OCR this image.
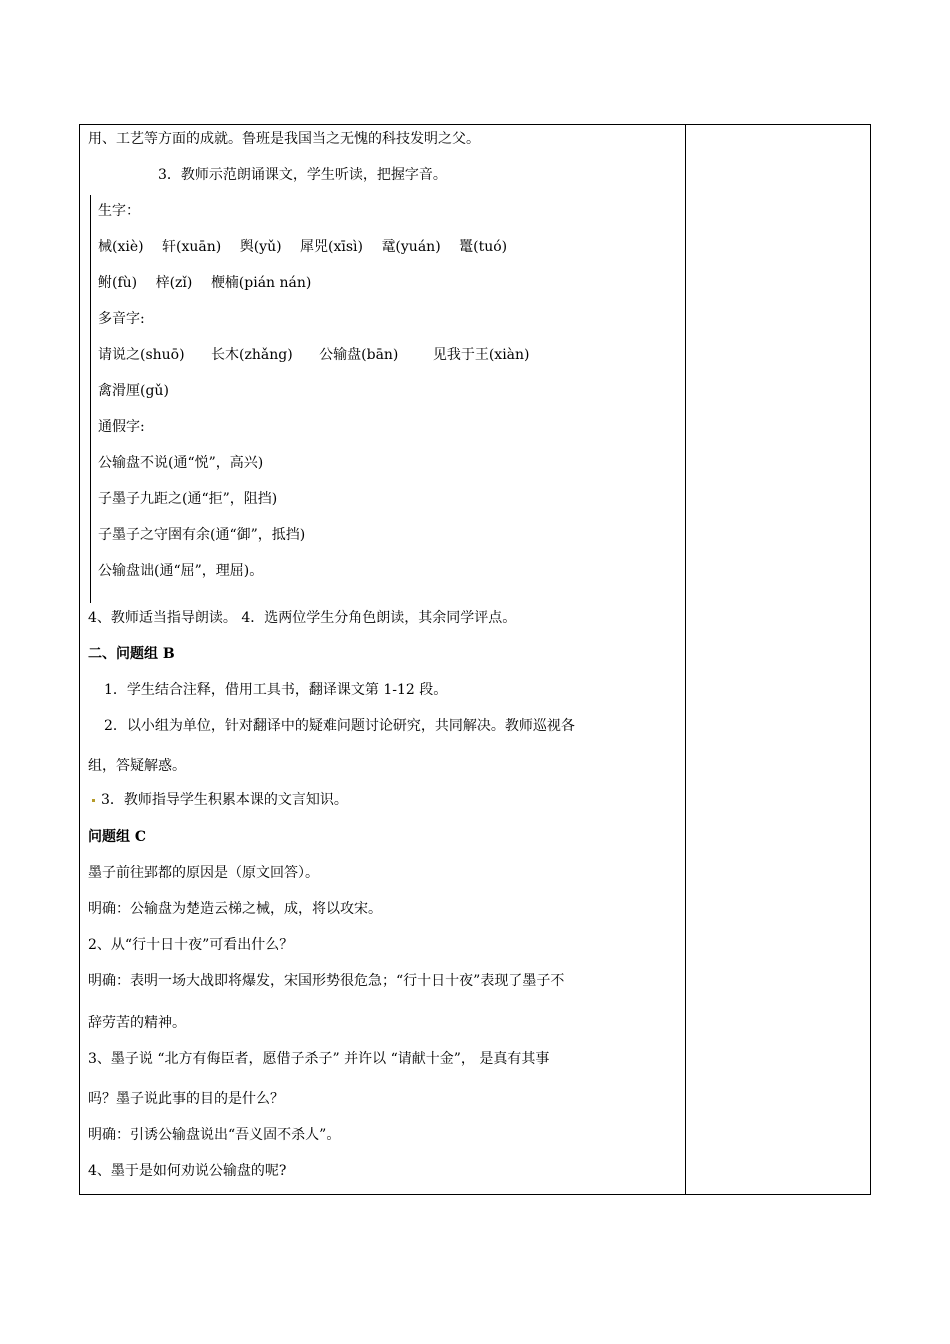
用、工艺等方面的成就。鲁班是我国当之无愧的科技发明之父。
3．教师示范朗诵课文，学生听读，把握字音。
生字：
械(xiè) 轩(xuān) 舆(yǔ) 犀兕(xīsì) 鼋(yuán) 鼍(tuó)
鲋(fù) 梓(zǐ) 楩楠(pián nán)
多音字:
请说之(shuō) 长木(zhǎng) 公输盘(bān) 见我于王(xiàn)
禽滑厘(gǔ)
通假字:
公输盘不说(通“悦”，高兴)
子墨子九距之(通“拒”，阻挡)
子墨子之守圉有余(通“御”，抵挡)
公输盘诎(通“屈”，理屈)。
4、教师适当指导朗读。 4．选两位学生分角色朗读，其余同学评点。
二、问题组 B
1．学生结合注释，借用工具书，翻译课文第 1-12 段。
2．以小组为单位，针对翻译中的疑难问题讨论研究，共同解决。教师巡视各
组，答疑解惑。
3．教师指导学生积累本课的文言知识。
问题组 C
墨子前往郢都的原因是（原文回答）。
明确：公输盘为楚造云梯之械，成，将以攻宋。
2、从“行十日十夜”可看出什么？
明确：表明一场大战即将爆发，宋国形势很危急；“行十日十夜”表现了墨子不
辞劳苦的精神。
3、墨子说 “北方有侮臣者，愿借子杀子” 并许以 “请献十金”， 是真有其事
吗？墨子说此事的目的是什么？
明确：引诱公输盘说出“吾义固不杀人”。
4、墨于是如何劝说公输盘的呢?
